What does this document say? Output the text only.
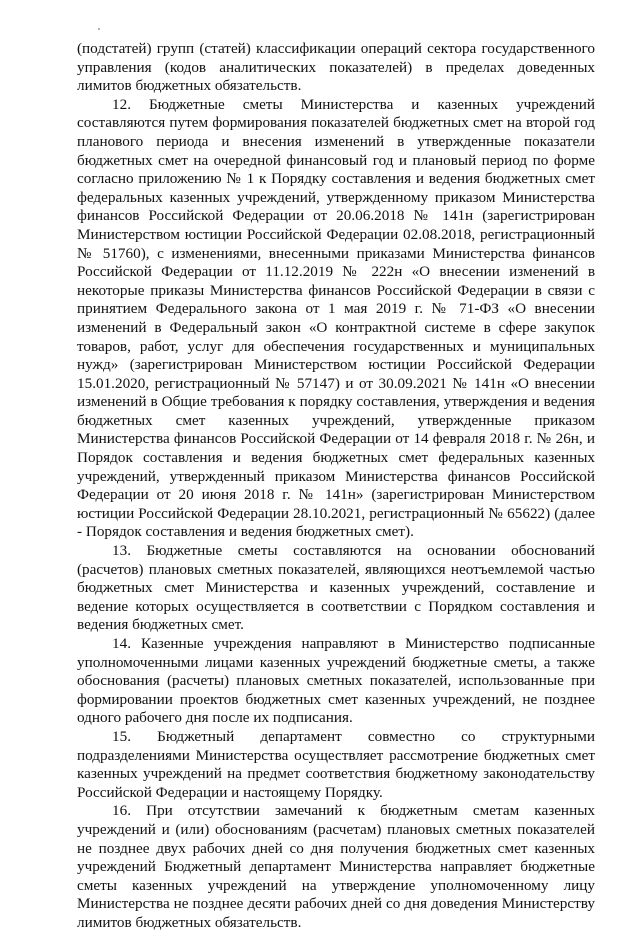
(подстатей) групп (статей) классификации операций сектора государственного управления (кодов аналитических показателей) в пределах доведенных лимитов бюджетных обязательств.

12. Бюджетные сметы Министерства и казенных учреждений составляются путем формирования показателей бюджетных смет на второй год планового периода и внесения изменений в утвержденные показатели бюджетных смет на очередной финансовый год и плановый период по форме согласно приложению № 1 к Порядку составления и ведения бюджетных смет федеральных казенных учреждений, утвержденному приказом Министерства финансов Российской Федерации от 20.06.2018 № 141н (зарегистрирован Министерством юстиции Российской Федерации 02.08.2018, регистрационный № 51760), с изменениями, внесенными приказами Министерства финансов Российской Федерации от 11.12.2019 № 222н «О внесении изменений в некоторые приказы Министерства финансов Российской Федерации в связи с принятием Федерального закона от 1 мая 2019 г. № 71-ФЗ «О внесении изменений в Федеральный закон «О контрактной системе в сфере закупок товаров, работ, услуг для обеспечения государственных и муниципальных нужд» (зарегистрирован Министерством юстиции Российской Федерации 15.01.2020, регистрационный № 57147) и от 30.09.2021 № 141н «О внесении изменений в Общие требования к порядку составления, утверждения и ведения бюджетных смет казенных учреждений, утвержденные приказом Министерства финансов Российской Федерации от 14 февраля 2018 г. № 26н, и Порядок составления и ведения бюджетных смет федеральных казенных учреждений, утвержденный приказом Министерства финансов Российской Федерации от 20 июня 2018 г. № 141н» (зарегистрирован Министерством юстиции Российской Федерации 28.10.2021, регистрационный № 65622) (далее - Порядок составления и ведения бюджетных смет).

13. Бюджетные сметы составляются на основании обоснований (расчетов) плановых сметных показателей, являющихся неотъемлемой частью бюджетных смет Министерства и казенных учреждений, составление и ведение которых осуществляется в соответствии с Порядком составления и ведения бюджетных смет.

14. Казенные учреждения направляют в Министерство подписанные уполномоченными лицами казенных учреждений бюджетные сметы, а также обоснования (расчеты) плановых сметных показателей, использованные при формировании проектов бюджетных смет казенных учреждений, не позднее одного рабочего дня после их подписания.

15. Бюджетный департамент совместно со структурными подразделениями Министерства осуществляет рассмотрение бюджетных смет казенных учреждений на предмет соответствия бюджетному законодательству Российской Федерации и настоящему Порядку.

16. При отсутствии замечаний к бюджетным сметам казенных учреждений и (или) обоснованиям (расчетам) плановых сметных показателей не позднее двух рабочих дней со дня получения бюджетных смет казенных учреждений Бюджетный департамент Министерства направляет бюджетные сметы казенных учреждений на утверждение уполномоченному лицу Министерства не позднее десяти рабочих дней со дня доведения Министерству лимитов бюджетных обязательств.
